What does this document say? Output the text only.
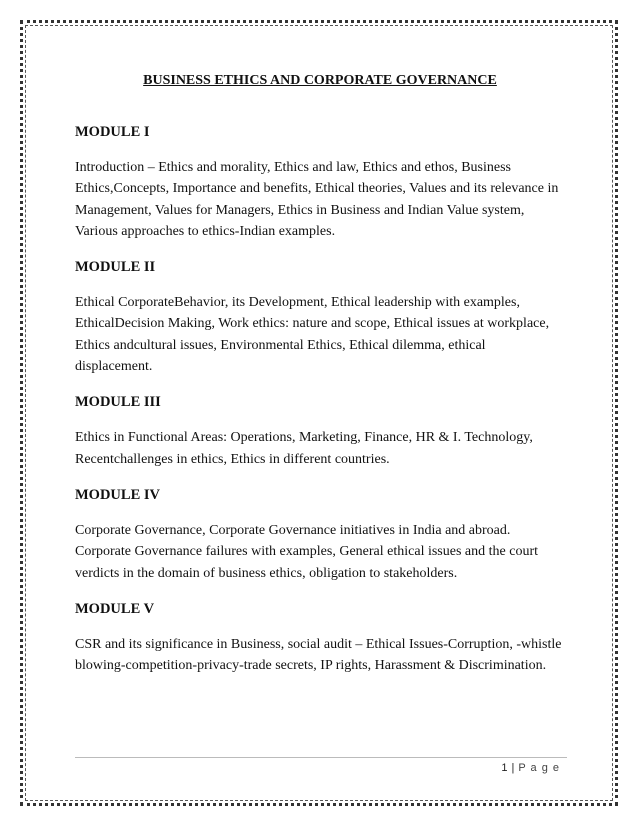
BUSINESS ETHICS AND CORPORATE GOVERNANCE
MODULE I
Introduction – Ethics and morality, Ethics and law, Ethics and ethos, Business Ethics,Concepts, Importance and benefits, Ethical theories, Values and its relevance in Management, Values for Managers, Ethics in Business and Indian Value system, Various approaches to ethics-Indian examples.
MODULE II
Ethical CorporateBehavior, its Development, Ethical leadership with examples, EthicalDecision Making, Work ethics: nature and scope, Ethical issues at workplace, Ethics andcultural issues, Environmental Ethics, Ethical dilemma, ethical displacement.
MODULE III
Ethics in Functional Areas: Operations, Marketing, Finance, HR & I. Technology, Recentchallenges in ethics, Ethics in different countries.
MODULE IV
Corporate Governance, Corporate Governance initiatives in India and abroad. Corporate Governance failures with examples, General ethical issues and the court verdicts in the domain of business ethics, obligation to stakeholders.
MODULE V
CSR and its significance in Business, social audit – Ethical Issues-Corruption, -whistle blowing-competition-privacy-trade secrets, IP rights, Harassment & Discrimination.
1 | P a g e
